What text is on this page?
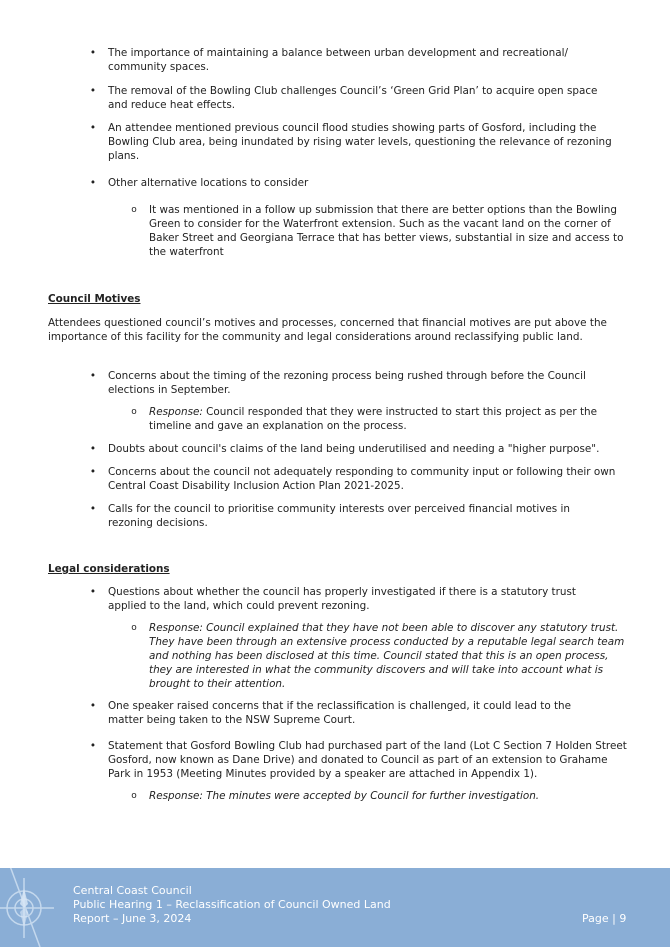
• The importance of maintaining a balance between urban development and recreational/ community spaces.
• The removal of the Bowling Club challenges Council’s ‘Green Grid Plan’ to acquire open space and reduce heat effects.
• An attendee mentioned previous council flood studies showing parts of Gosford, including the Bowling Club area, being inundated by rising water levels, questioning the relevance of rezoning plans.
• Other alternative locations to consider
o It was mentioned in a follow up submission that there are better options than the Bowling Green to consider for the Waterfront extension. Such as the vacant land on the corner of Baker Street and Georgiana Terrace that has better views, substantial in size and access to the waterfront
Council Motives
Attendees questioned council’s motives and processes, concerned that financial motives are put above the importance of this facility for the community and legal considerations around reclassifying public land.
• Concerns about the timing of the rezoning process being rushed through before the Council elections in September.
o Response: Council responded that they were instructed to start this project as per the timeline and gave an explanation on the process.
• Doubts about council's claims of the land being underutilised and needing a "higher purpose".
• Concerns about the council not adequately responding to community input or following their own Central Coast Disability Inclusion Action Plan 2021-2025.
• Calls for the council to prioritise community interests over perceived financial motives in rezoning decisions.
Legal considerations
• Questions about whether the council has properly investigated if there is a statutory trust applied to the land, which could prevent rezoning.
o Response: Council explained that they have not been able to discover any statutory trust. They have been through an extensive process conducted by a reputable legal search team and nothing has been disclosed at this time. Council stated that this is an open process, they are interested in what the community discovers and will take into account what is brought to their attention.
• One speaker raised concerns that if the reclassification is challenged, it could lead to the matter being taken to the NSW Supreme Court.
• Statement that Gosford Bowling Club had purchased part of the land (Lot C Section 7 Holden Street Gosford, now known as Dane Drive) and donated to Council as part of an extension to Grahame Park in 1953 (Meeting Minutes provided by a speaker are attached in Appendix 1).
o Response: The minutes were accepted by Council for further investigation.
Central Coast Council
Public Hearing 1 – Reclassification of Council Owned Land
Report – June 3, 2024	Page | 9
